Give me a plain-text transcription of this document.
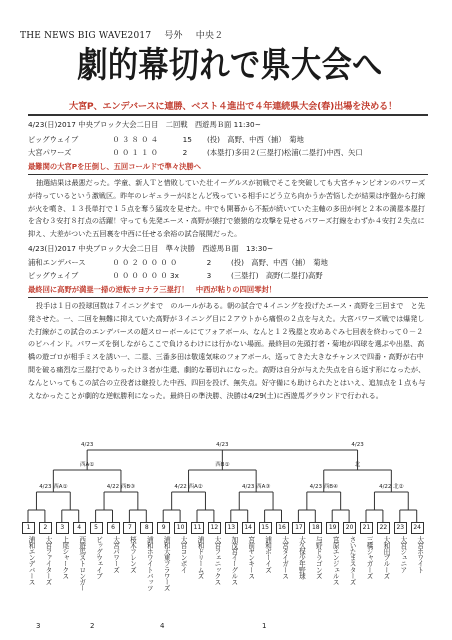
THE NEWS BIG WAVE2017 号外 中央２
劇的幕切れで県大会へ
大宮P、エンデバースに連勝、ベスト４進出で４年連続県大会(春)出場を決める！
4/23(日)2017 中央ブロック大会二日目　二回戦　西遊馬Ｂ面 11:30~
ビッグウェイブ	０ ３ ８ ０ ４	15 (投)　高野、中西（捕）　菊地
大宮パワーズ	０ ０ １ １ ０	2	(本塁打)多田２(三塁打)松浦(二塁打)中西、矢口
最難関の大宮Pを圧倒し、五回コールドで準々決勝へ

抽選結果は最悪だった。学童、新人Ｔと惜敗していた壮イーグルスが初戦でそこを突破しても大宮チャンピオンのパワーズが待っているという激戦区。昨年のレギュラーがほとんど残っている相手にどう立ち向かうか苦悩したが結果は序盤から打線が火を噴き、１３長単打で１５点を奪う猛攻を見せた。中でも開幕から不振が続いていた主軸の多田が何と２本の満塁本塁打を含む３安打８打点の活躍！守っても先発エース・高野が猿打で猿猿的な攻撃を見せるパワーズ打線をわずか４安打２失点に抑え、大差がついた五回裏を中西に任せる余裕の試合展開だった。

4/23(日)2017 中央ブロック大会二日目　準々決勝　西遊馬Ｂ面　13:30~
浦和エンデバース	０ ０ ２ ０ ０ ０ ０	2	(投)　高野、中西（捕）　菊地
ビッグウェイブ	０ ０ ０ ０ ０ ０ 3x	3	(三塁打)　高野(二塁打)高野
最終回に高野が満塁一掃の逆転サヨナラ三塁打！　中西が粘りの四回零封！

投手は１日の投球回数は７イニングまで　のルールがある。朝の試合で４イニングを投げたエース・高野を三回まで　と先発させた。一、二回を無難に抑えていた高野が３イニング目に２アウトから痛恨の２点を与えた。大宮パワーズ戦では爆発した打線がこの試合のエンデバースの超スローボールにてフォアボール、なんと１２残塁と攻めあぐみ七回表を終わって０－２のビハインド。パワーズを倒しながらここで負けるわけには行かない場面。最終回の先頭打者・菊地が四球を選ぶや出塁、高橋の遊ゴロが相手ミスを誘い一、二塁、三番多田は敬遠気味のフォアボール、巡ってきた大きなチャンスで四番・高野が右中間を破る痛烈な三塁打でありったけ３者が生還、劇的な幕切れになった。高野は自分が与えた失点を自ら返す形になったが、なんといってもこの試合の立役者は継投した中西、四回を投げ、無失点。好守備にも助けられたとはいえ、追加点を１点も与えなかったことが劇的な逆転勝利になった。最終日の準決勝、決勝は4/29(土)に西遊馬グラウンドで行われる。

4/23 西A①	4/22 西B③	4/22 西A②	4/23 西A③	4/23 西B④	4/22 北②
西A①	西B①	北
4/23	4/23	4/23
1
浦和エンデバース
2
大宮ファイターズ
3
上尾シャークス
4
西遊馬ストロンガー
5
ビッグウェイブ
6
大宮パワーズ
7
桜木フレンズ
8
浦和ホワイトバッツ
9
浦和大東フラワーズ
10
大宮コンボイ
11
浦和ドリームズ
12
大宮フェニックス
13
加茂宮イーグルス
14
宮前ヤンキース
15
浦和ボーイズ
16
大宮タイガース
17
大久保少年野球
18
与野ドラゴンズ
19
宮原エンジェルス
20
さいたまスターズ
21
三橋ジャガーズ
22
大和田ブルーズ
23
大宮ジュニア
24
大宮ホワイト
3	2	4	1
